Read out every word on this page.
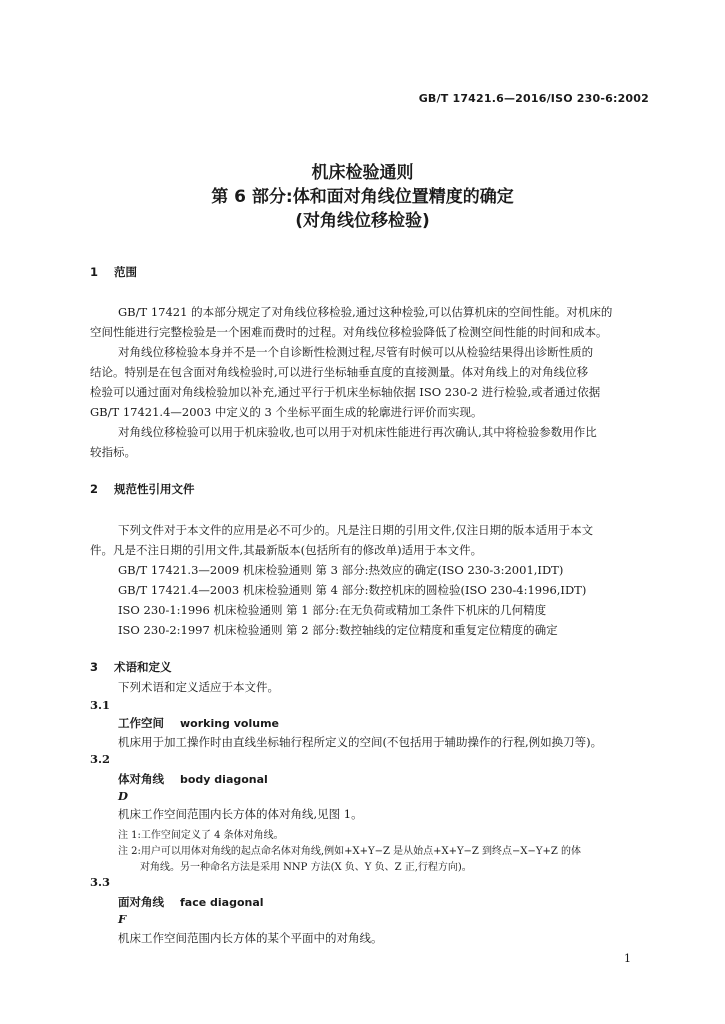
GB/T 17421.6—2016/ISO 230-6:2002
机床检验通则
第 6 部分:体和面对角线位置精度的确定
(对角线位移检验)
1 范围
GB/T 17421 的本部分规定了对角线位移检验,通过这种检验,可以估算机床的空间性能。对机床的
空间性能进行完整检验是一个困难而费时的过程。对角线位移检验降低了检测空间性能的时间和成本。
对角线位移检验本身并不是一个自诊断性检测过程,尽管有时候可以从检验结果得出诊断性质的
结论。特别是在包含面对角线检验时,可以进行坐标轴垂直度的直接测量。体对角线上的对角线位移
检验可以通过面对角线检验加以补充,通过平行于机床坐标轴依据 ISO 230-2 进行检验,或者通过依据
GB/T 17421.4—2003 中定义的 3 个坐标平面生成的轮廓进行评价而实现。
对角线位移检验可以用于机床验收,也可以用于对机床性能进行再次确认,其中将检验参数用作比
较指标。
2 规范性引用文件
下列文件对于本文件的应用是必不可少的。凡是注日期的引用文件,仅注日期的版本适用于本文
件。凡是不注日期的引用文件,其最新版本(包括所有的修改单)适用于本文件。
GB/T 17421.3—2009 机床检验通则 第 3 部分:热效应的确定(ISO 230-3:2001,IDT)
GB/T 17421.4—2003 机床检验通则 第 4 部分:数控机床的圆检验(ISO 230-4:1996,IDT)
ISO 230-1:1996 机床检验通则 第 1 部分:在无负荷或精加工条件下机床的几何精度
ISO 230-2:1997 机床检验通则 第 2 部分:数控轴线的定位精度和重复定位精度的确定
3 术语和定义
下列术语和定义适应于本文件。
3.1
工作空间 working volume
机床用于加工操作时由直线坐标轴行程所定义的空间(不包括用于辅助操作的行程,例如换刀等)。
3.2
体对角线 body diagonal
D
机床工作空间范围内长方体的体对角线,见图 1。
注 1:工作空间定义了 4 条体对角线。
注 2:用户可以用体对角线的起点命名体对角线,例如+X+Y−Z 是从始点+X+Y−Z 到终点−X−Y+Z 的体
对角线。另一种命名方法是采用 NNP 方法(X 负、Y 负、Z 正,行程方向)。
3.3
面对角线 face diagonal
F
机床工作空间范围内长方体的某个平面中的对角线。
1
